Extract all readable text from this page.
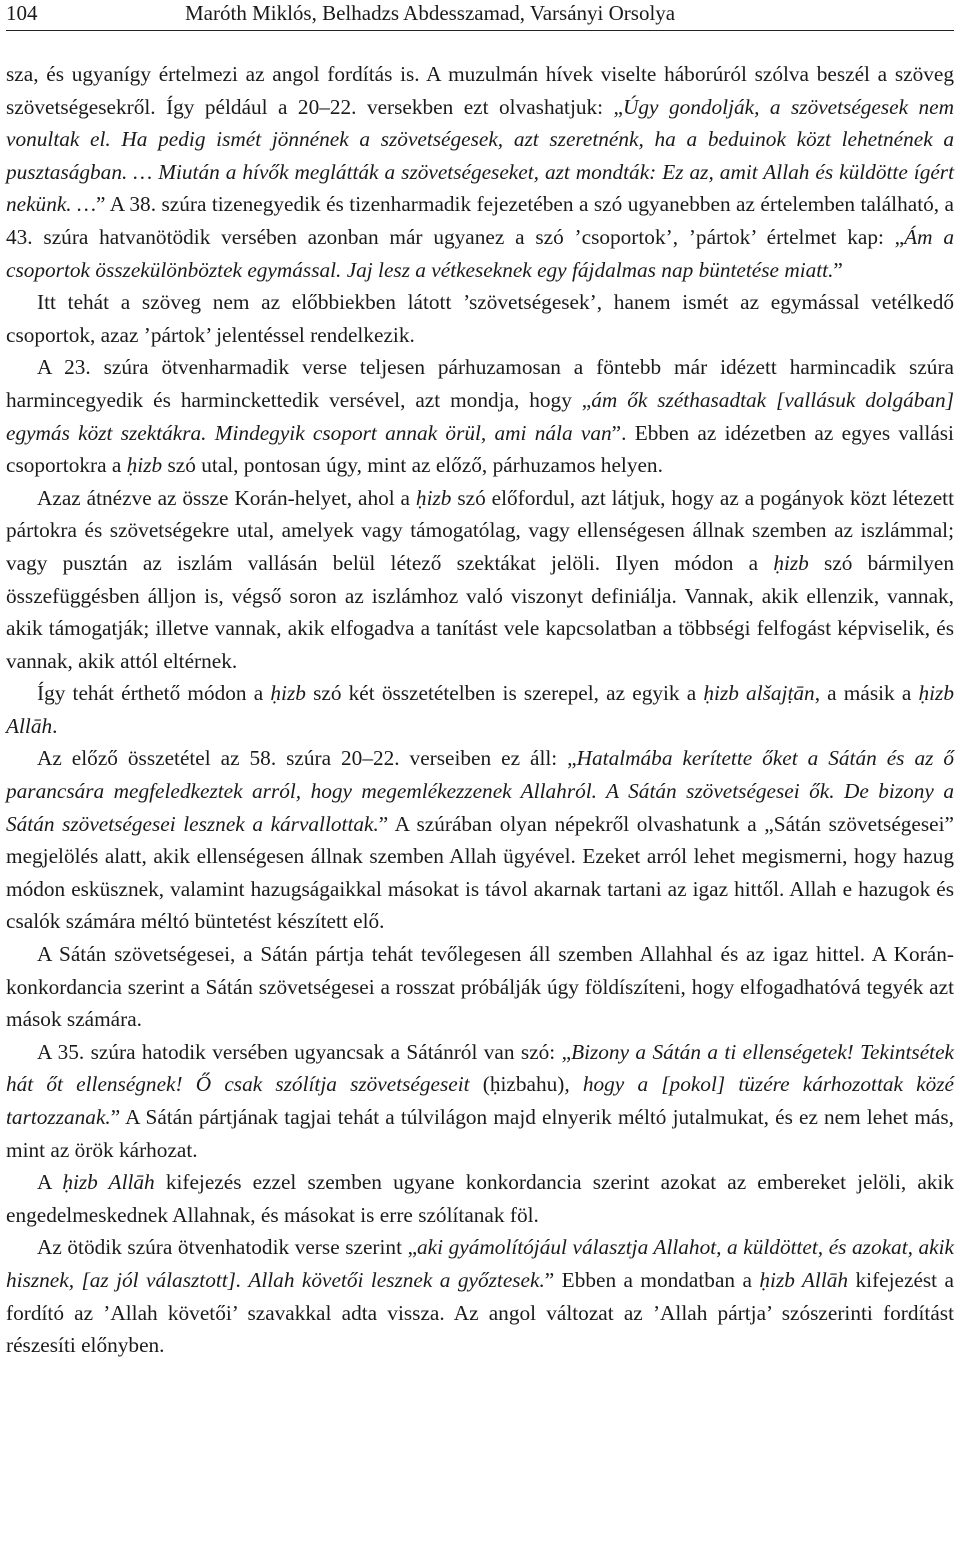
104	Maróth Miklós, Belhadzs Abdesszamad, Varsányi Orsolya

sza, és ugyanígy értelmezi az angol fordítás is. A muzulmán hívek viselte háborúról szólva beszél a szöveg szövetségesekről. Így például a 20–22. versekben ezt olvashatjuk: „Úgy gondolják, a szövetségesek nem vonultak el. Ha pedig ismét jönnének a szövetségesek, azt szeretnénk, ha a beduinok közt lehetnének a pusztaságban. … Miután a hívők meglátták a szövetségeseket, azt mondták: Ez az, amit Allah és küldötte ígért nekünk. …” A 38. szúra tizenegyedik és tizenharmadik fejezetében a szó ugyanebben az értelemben található, a 43. szúra hatvanötödik versében azonban már ugyanez a szó ’csoportok’, ’pártok’ értelmet kap: „Ám a csoportok összekülönböztek egymással. Jaj lesz a vétkeseknek egy fájdalmas nap büntetése miatt.”

Itt tehát a szöveg nem az előbbiekben látott ’szövetségesek’, hanem ismét az egymással vetélkedő csoportok, azaz ’pártok’ jelentéssel rendelkezik.

A 23. szúra ötvenharmadik verse teljesen párhuzamosan a föntebb már idézett harmincadik szúra harmincegyedik és harminckettedik versével, azt mondja, hogy „ám ők széthasadtak [vallásuk dolgában] egymás közt szektákra. Mindegyik csoport annak örül, ami nála van”. Ebben az idézetben az egyes vallási csoportokra a ḥizb szó utal, pontosan úgy, mint az előző, párhuzamos helyen.

Azaz átnézve az össze Korán-helyet, ahol a ḥizb szó előfordul, azt látjuk, hogy az a pogányok közt létezett pártokra és szövetségekre utal, amelyek vagy támogatólag, vagy ellenségesen állnak szemben az iszlámmal; vagy pusztán az iszlám vallásán belül létező szektákat jelöli. Ilyen módon a ḥizb szó bármilyen összefüggésben álljon is, végső soron az iszlámhoz való viszonyt definiálja. Vannak, akik ellenzik, vannak, akik támogatják; illetve vannak, akik elfogadva a tanítást vele kapcsolatban a többségi felfogást képviselik, és vannak, akik attól eltérnek.

Így tehát érthető módon a ḥizb szó két összetételben is szerepel, az egyik a ḥizb alšajṭān, a másik a ḥizb Allāh.

Az előző összetétel az 58. szúra 20–22. verseiben ez áll: „Hatalmába kerítette őket a Sátán és az ő parancsára megfeledkeztek arról, hogy megemlékezzenek Allahról. A Sátán szövetségesei ők. De bizony a Sátán szövetségesei lesznek a kárvallottak.” A szúrában olyan népekről olvashatunk a „Sátán szövetségesei” megjelölés alatt, akik ellenségesen állnak szemben Allah ügyével. Ezeket arról lehet megismerni, hogy hazug módon esküsznek, valamint hazugságaikkal másokat is távol akarnak tartani az igaz hittől. Allah e hazugok és csalók számára méltó büntetést készített elő.

A Sátán szövetségesei, a Sátán pártja tehát tevőlegesen áll szemben Allahhal és az igaz hittel. A Korán-konkordancia szerint a Sátán szövetségesei a rosszat próbálják úgy földíszíteni, hogy elfogadhatóvá tegyék azt mások számára.

A 35. szúra hatodik versében ugyancsak a Sátánról van szó: „Bizony a Sátán a ti ellenségetek! Tekintsétek hát őt ellenségnek! Ő csak szólítja szövetségeseit (ḥizbahu), hogy a [pokol] tüzére kárhozottak közé tartozzanak.” A Sátán pártjának tagjai tehát a túlvilágon majd elnyerik méltó jutalmukat, és ez nem lehet más, mint az örök kárhozat.

A ḥizb Allāh kifejezés ezzel szemben ugyane konkordancia szerint azokat az embereket jelöli, akik engedelmeskednek Allahnak, és másokat is erre szólítanak föl.

Az ötödik szúra ötvenhatodik verse szerint „aki gyámolítójául választja Allahot, a küldöttet, és azokat, akik hisznek, [az jól választott]. Allah követői lesznek a győztesek.” Ebben a mondatban a ḥizb Allāh kifejezést a fordító az ’Allah követői’ szavakkal adta vissza. Az angol változat az ’Allah pártja’ szószerinti fordítást részesíti előnyben.
